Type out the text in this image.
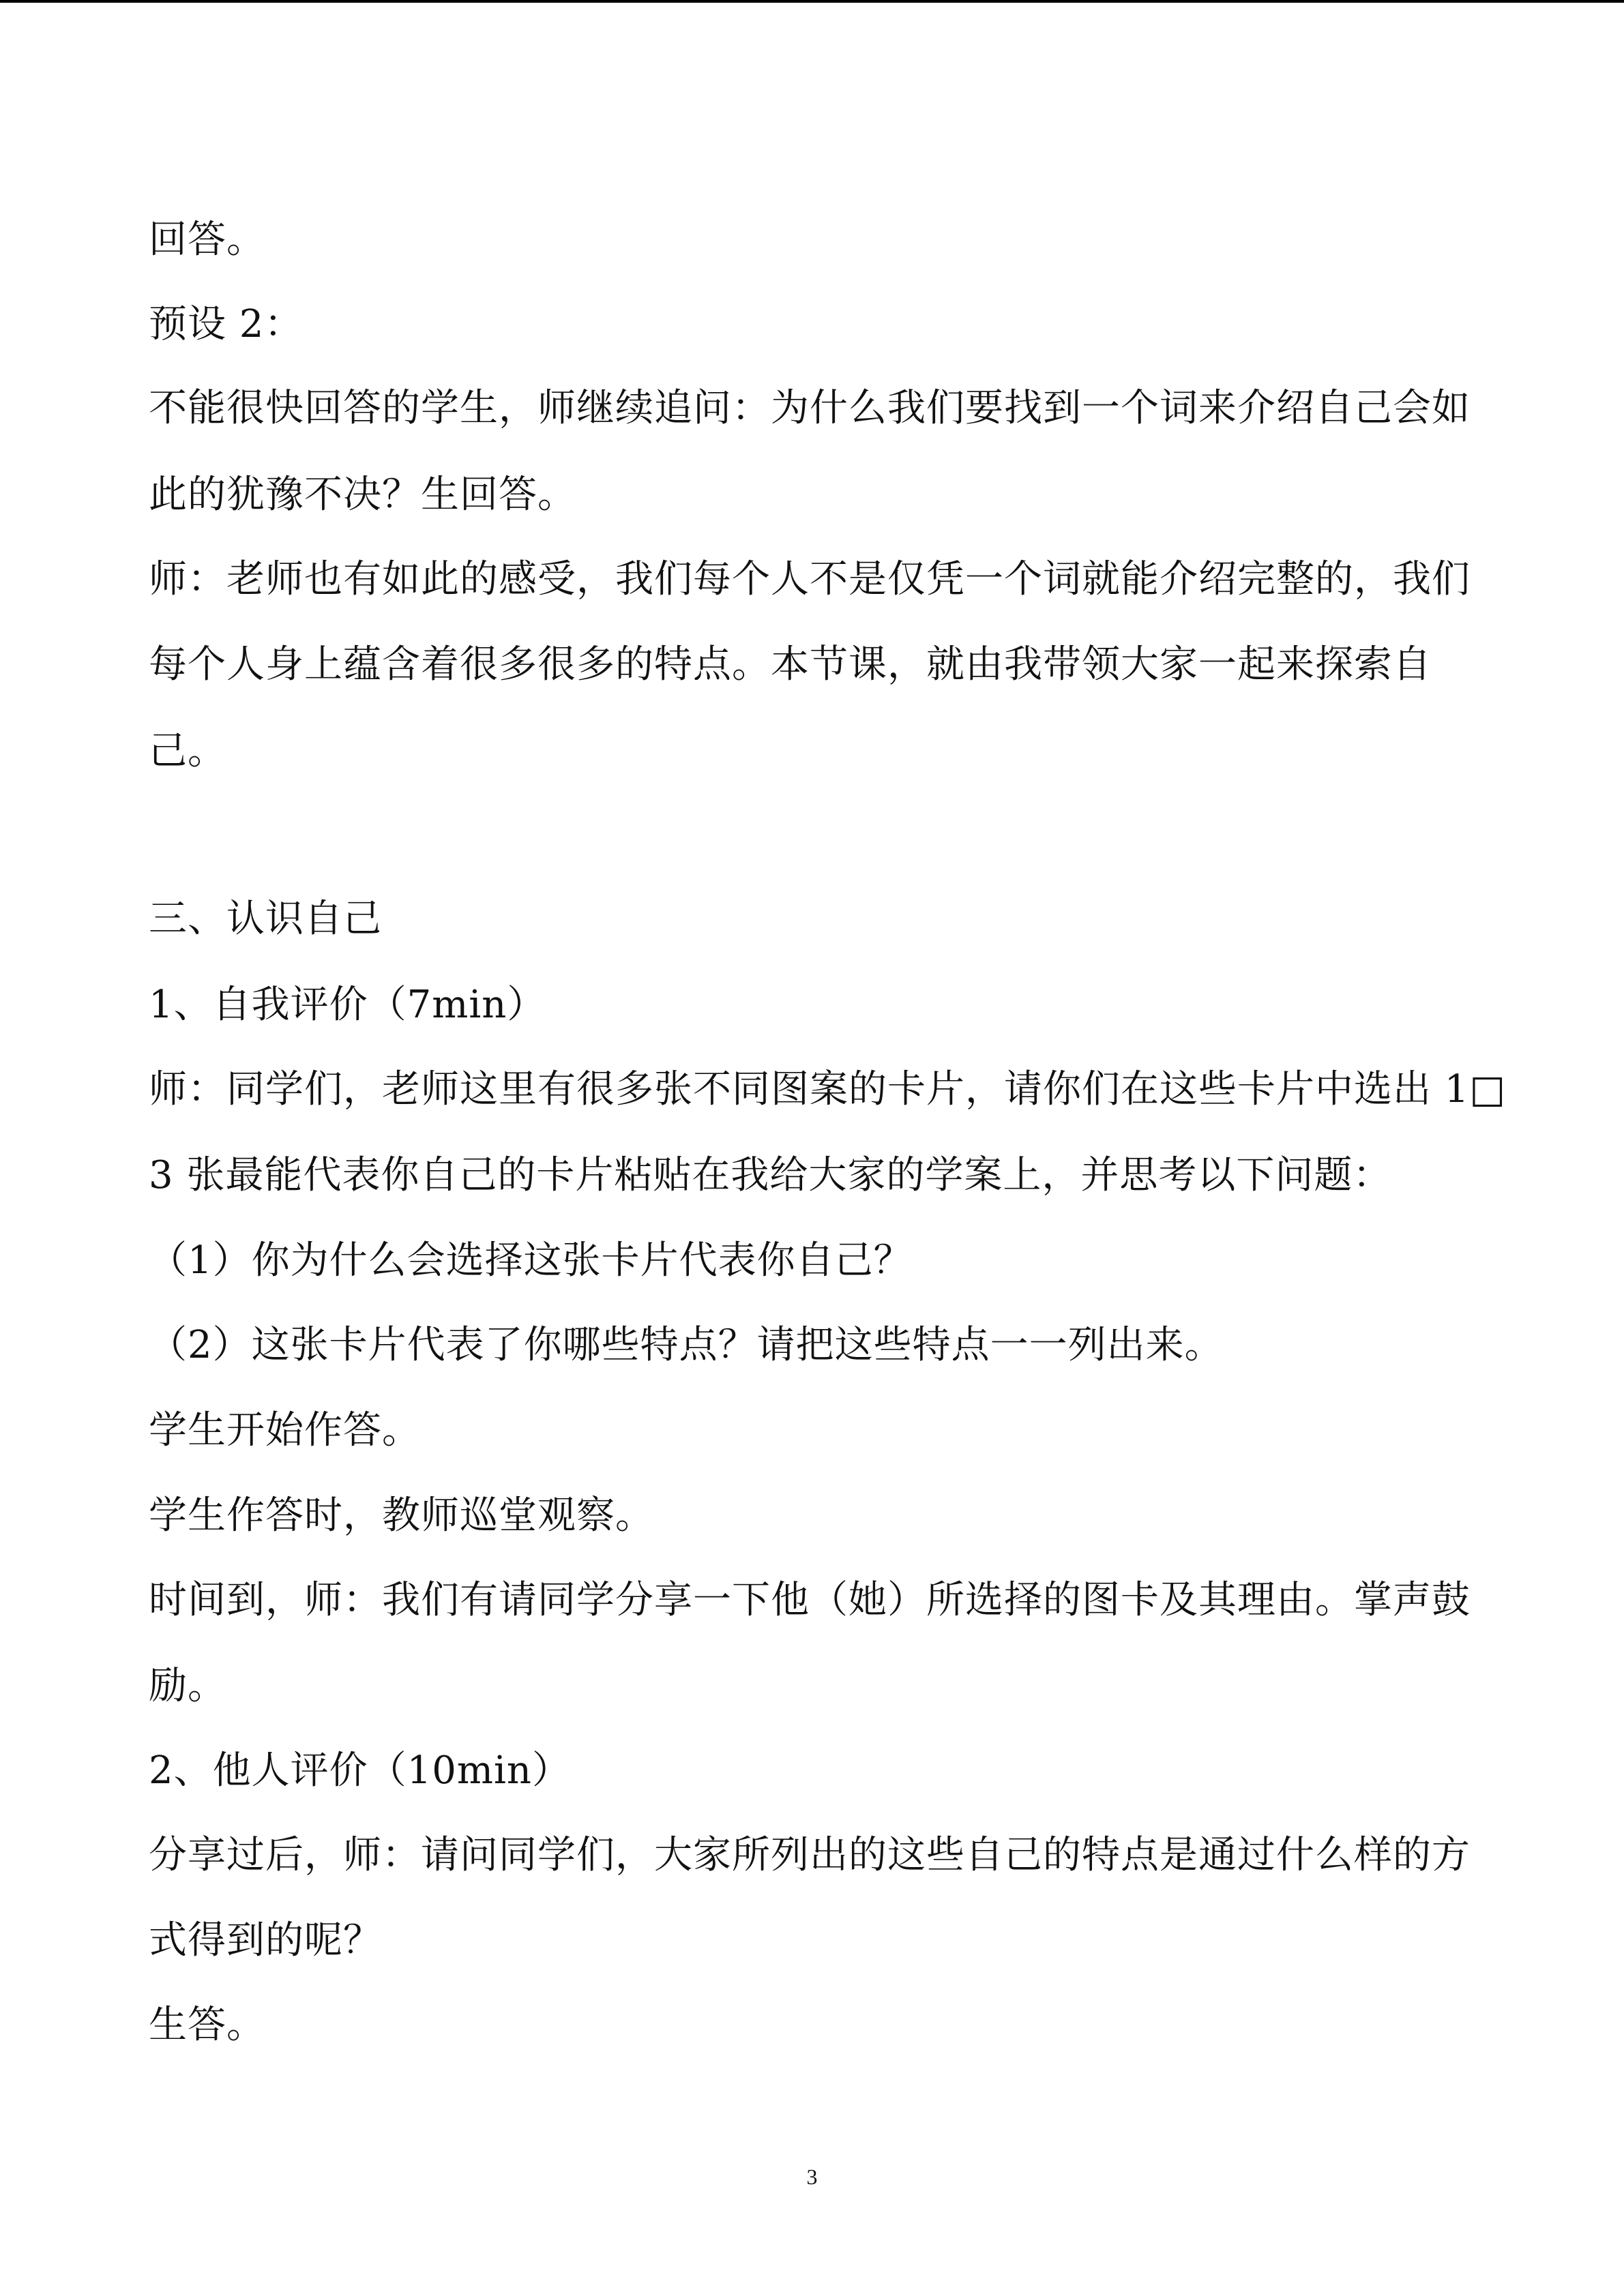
回答。
预设 2：
不能很快回答的学生，师继续追问：为什么我们要找到一个词来介绍自己会如
此的犹豫不决？生回答。
师：老师也有如此的感受，我们每个人不是仅凭一个词就能介绍完整的，我们
每个人身上蕴含着很多很多的特点。本节课，就由我带领大家一起来探索自
己。
三、认识自己
1、自我评价（7min）
师：同学们，老师这里有很多张不同图案的卡片，请你们在这些卡片中选出 1□
3 张最能代表你自己的卡片粘贴在我给大家的学案上，并思考以下问题：
（1）你为什么会选择这张卡片代表你自己？
（2）这张卡片代表了你哪些特点？请把这些特点一一列出来。
学生开始作答。
学生作答时，教师巡堂观察。
时间到，师：我们有请同学分享一下他（她）所选择的图卡及其理由。掌声鼓
励。
2、他人评价（10min）
分享过后，师：请问同学们，大家所列出的这些自己的特点是通过什么样的方
式得到的呢？
生答。
3
